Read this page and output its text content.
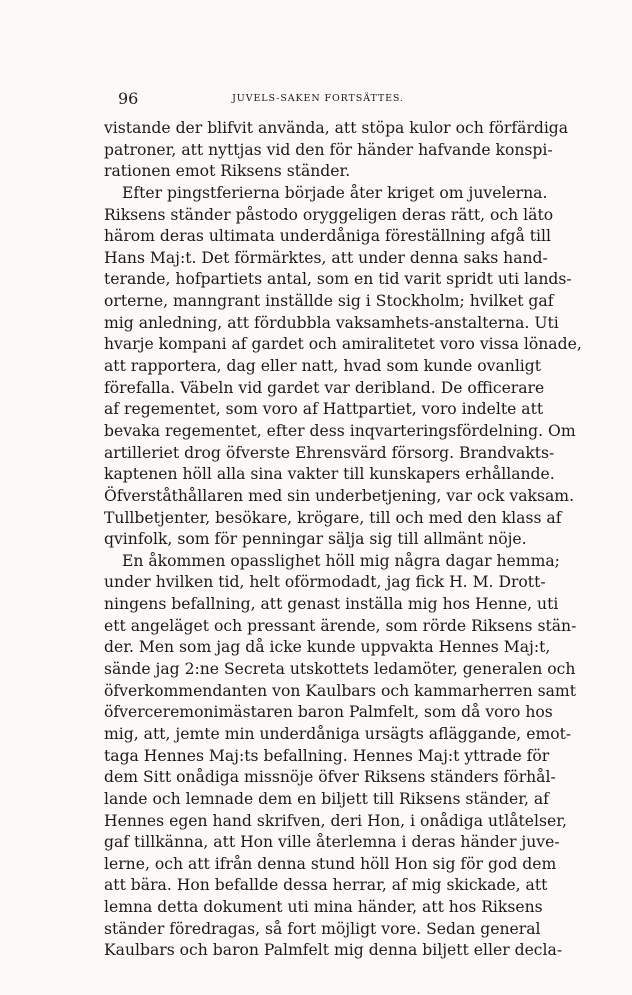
96	JUVELS-SAKEN FORTSÄTTES.
vistande der blifvit använda, att stöpa kulor och förfärdiga
patroner, att nyttjas vid den för händer hafvande konspi-
rationen emot Riksens ständer.
Efter pingstferierna började åter kriget om juvelerna.
Riksens ständer påstodo oryggeligen deras rätt, och läto
härom deras ultimata underdåniga föreställning afgå till
Hans Maj:t. Det förmärktes, att under denna saks hand-
terande, hofpartiets antal, som en tid varit spridt uti lands-
orterne, manngrant inställde sig i Stockholm; hvilket gaf
mig anledning, att fördubbla vaksamhets-anstalterna. Uti
hvarje kompani af gardet och amiralitetet voro vissa lönade,
att rapportera, dag eller natt, hvad som kunde ovanligt
förefalla. Väbeln vid gardet var deribland. De officerare
af regementet, som voro af Hattpartiet, voro indelte att
bevaka regementet, efter dess inqvarteringsfördelning. Om
artilleriet drog öfverste Ehrensvärd försorg. Brandvakts-
kaptenen höll alla sina vakter till kunskapers erhållande.
Öfverståthållaren med sin underbetjening, var ock vaksam.
Tullbetjenter, besökare, krögare, till och med den klass af
qvinfolk, som för penningar sälja sig till allmänt nöje.
En åkommen opasslighet höll mig några dagar hemma;
under hvilken tid, helt oförmodadt, jag fick H. M. Drott-
ningens befallning, att genast inställa mig hos Henne, uti
ett angeläget och pressant ärende, som rörde Riksens stän-
der. Men som jag då icke kunde uppvakta Hennes Maj:t,
sände jag 2:ne Secreta utskottets ledamöter, generalen och
öfverkommendanten von Kaulbars och kammarherren samt
öfverceremonimästaren baron Palmfelt, som då voro hos
mig, att, jemte min underdåniga ursägts afläggande, emot-
taga Hennes Maj:ts befallning. Hennes Maj:t yttrade för
dem Sitt onådiga missnöje öfver Riksens ständers förhål-
lande och lemnade dem en biljett till Riksens ständer, af
Hennes egen hand skrifven, deri Hon, i onådiga utlåtelser,
gaf tillkänna, att Hon ville återlemna i deras händer juve-
lerne, och att ifrån denna stund höll Hon sig för god dem
att bära. Hon befallde dessa herrar, af mig skickade, att
lemna detta dokument uti mina händer, att hos Riksens
ständer föredragas, så fort möjligt vore. Sedan general
Kaulbars och baron Palmfelt mig denna biljett eller decla-
